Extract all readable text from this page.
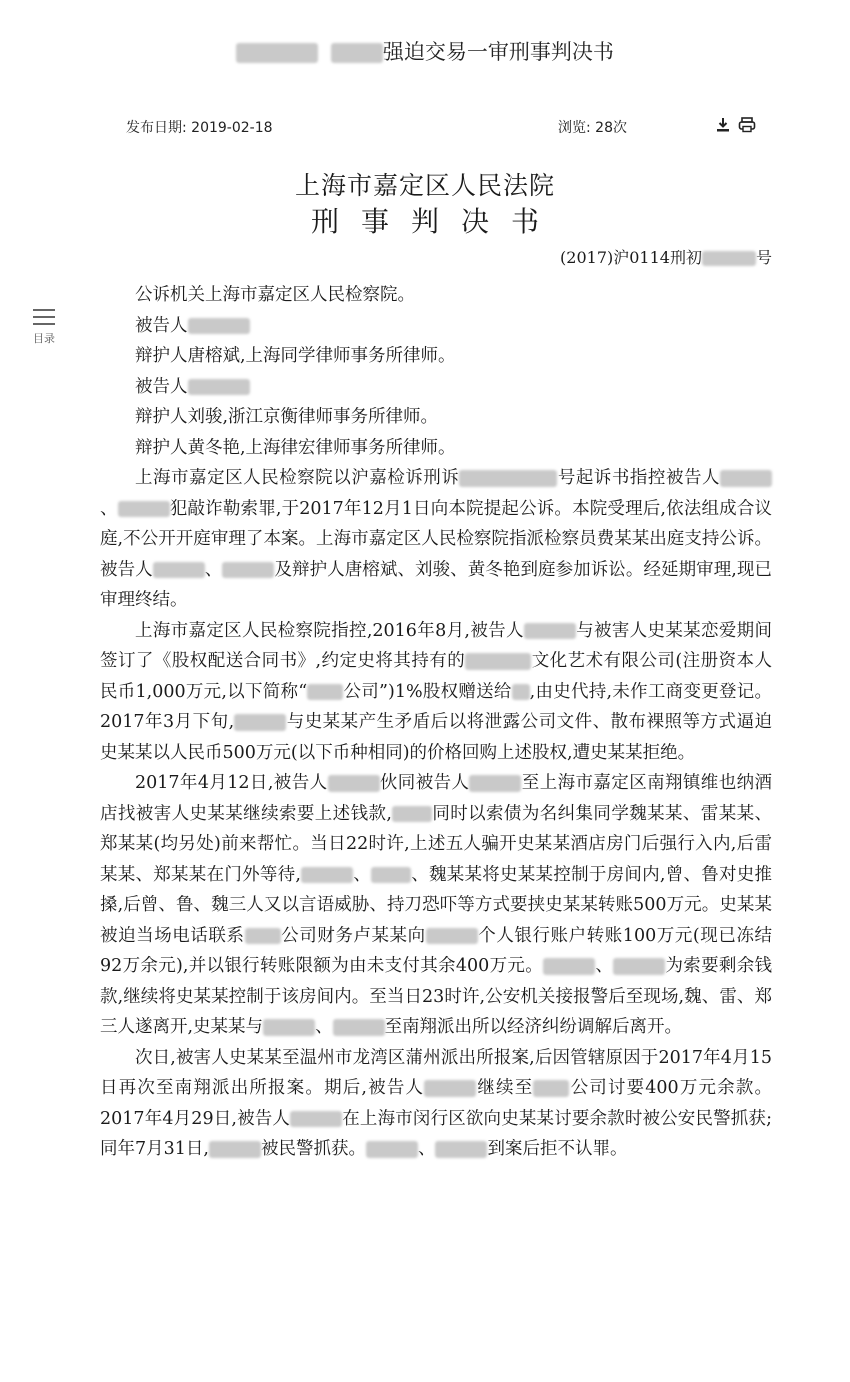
强迫交易一审刑事判决书
发布日期: 2019-02-18	浏览: 28次
上海市嘉定区人民法院
刑事判决书
(2017)沪0114刑初	号
目录

公诉机关上海市嘉定区人民检察院。

被告人

辩护人唐榕斌,上海同学律师事务所律师。

被告人

辩护人刘骏,浙江京衡律师事务所律师。

辩护人黄冬艳,上海律宏律师事务所律师。

上海市嘉定区人民检察院以沪嘉检诉刑诉	号起诉书指控被告人、	犯敲诈勒索罪,于2017年12月1日向本院提起公诉。本院受理后,依法组成合议庭,不公开开庭审理了本案。上海市嘉定区人民检察院指派检察员费某某出庭支持公诉。被告人	、	及辩护人唐榕斌、刘骏、黄冬艳到庭参加诉讼。经延期审理,现已审理终结。

上海市嘉定区人民检察院指控,2016年8月,被告人	与被害人史某某恋爱期间签订了《股权配送合同书》,约定史将其持有的	文化艺术有限公司(注册资本人民币1,000万元,以下简称“ 公司”)1%股权赠送给 ,由史代持,未作工商变更登记。2017年3月下旬,	与史某某产生矛盾后以将泄露公司文件、散布裸照等方式逼迫史某某以人民币500万元(以下币种相同)的价格回购上述股权,遭史某某拒绝。

2017年4月12日,被告人	伙同被告人	至上海市嘉定区南翔镇维也纳酒店找被害人史某某继续索要上述钱款, 同时以索债为名纠集同学魏某某、雷某某、郑某某(均另处)前来帮忙。当日22时许,上述五人骗开史某某酒店房门后强行入内,后雷某某、郑某某在门外等待,	、 、魏某某将史某某控制于房间内,曾、鲁对史推搡,后曾、鲁、魏三人又以言语威胁、持刀恐吓等方式要挟史某某转账500万元。史某某被迫当场电话联系 公司财务卢某某向	个人银行账户转账100万元(现已冻结92万余元),并以银行转账限额为由未支付其余400万元。	、	为索要剩余钱款,继续将史某某控制于该房间内。至当日23时许,公安机关接报警后至现场,魏、雷、郑三人遂离开,史某某与	、	至南翔派出所以经济纠纷调解后离开。

次日,被害人史某某至温州市龙湾区蒲州派出所报案,后因管辖原因于2017年4月15日再次至南翔派出所报案。期后,被告人	继续至 公司讨要400万元余款。2017年4月29日,被告人	在上海市闵行区欲向史某某讨要余款时被公安民警抓获;同年7月31日,	被民警抓获。	、	到案后拒不认罪。
